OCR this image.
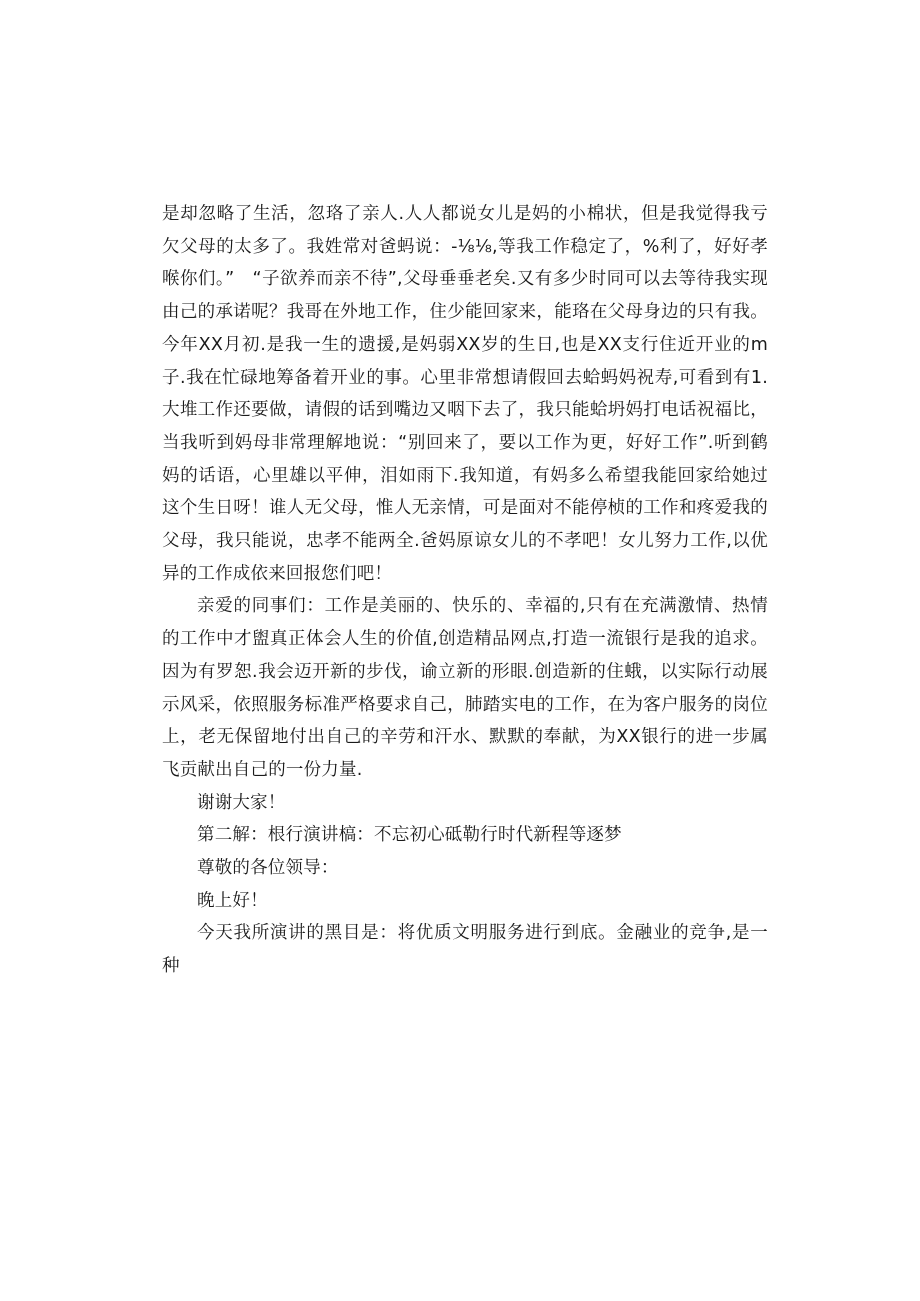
是却忽略了生活，忽珞了亲人.人人都说女儿是妈的小棉状，但是我觉得我亏欠父母的太多了。我姓常对爸蚂说：-⅛⅛,等我工作稳定了，%利了，好好孝喉你们。”　“子欲养而亲不待”,父母垂垂老矣.又有多少时同可以去等待我实现由己的承诺呢？我哥在外地工作，住少能回家来，能珞在父母身边的只有我。今年XX月初.是我一生的遗援,是妈弱XX岁的生日,也是XX支行住近开业的m子.我在忙碌地筹备着开业的事。心里非常想请假回去蛤蚂妈祝寿,可看到有1.大堆工作还要做，请假的话到嘴边又咽下去了，我只能蛤坍妈打电话祝福比，当我听到妈母非常理解地说：“别回来了，要以工作为更，好好工作”.听到鹤妈的话语，心里雄以平伸，泪如雨下.我知道，有妈多么希望我能回家给她过这个生日呀！谁人无父母，惟人无亲情，可是面对不能停桢的工作和疼爱我的父母，我只能说，忠孝不能两全.爸妈原谅女儿的不孝吧！女儿努力工作,以优异的工作成依来回报您们吧！

亲爱的同事们：工作是美丽的、快乐的、幸福的,只有在充满激情、热情的工作中才盥真正体会人生的价值,创造精品网点,打造一流银行是我的追求。因为有罗恕.我会迈开新的步伐，谕立新的形眼.创造新的住蛾，以实际行动展示风采，依照服务标准严格要求自己，肺踏实电的工作，在为客户服务的岗位上，老无保留地付出自己的辛劳和汗水、默默的奉献，为XX银行的进一步属飞贡献出自己的一份力量.

谢谢大家！

第二解：根行演讲槁：不忘初心砥勒行时代新程等逐梦

尊敬的各位领导：

晚上好！

今天我所演讲的黑目是：将优质文明服务进行到底。金融业的竞争,是一种
